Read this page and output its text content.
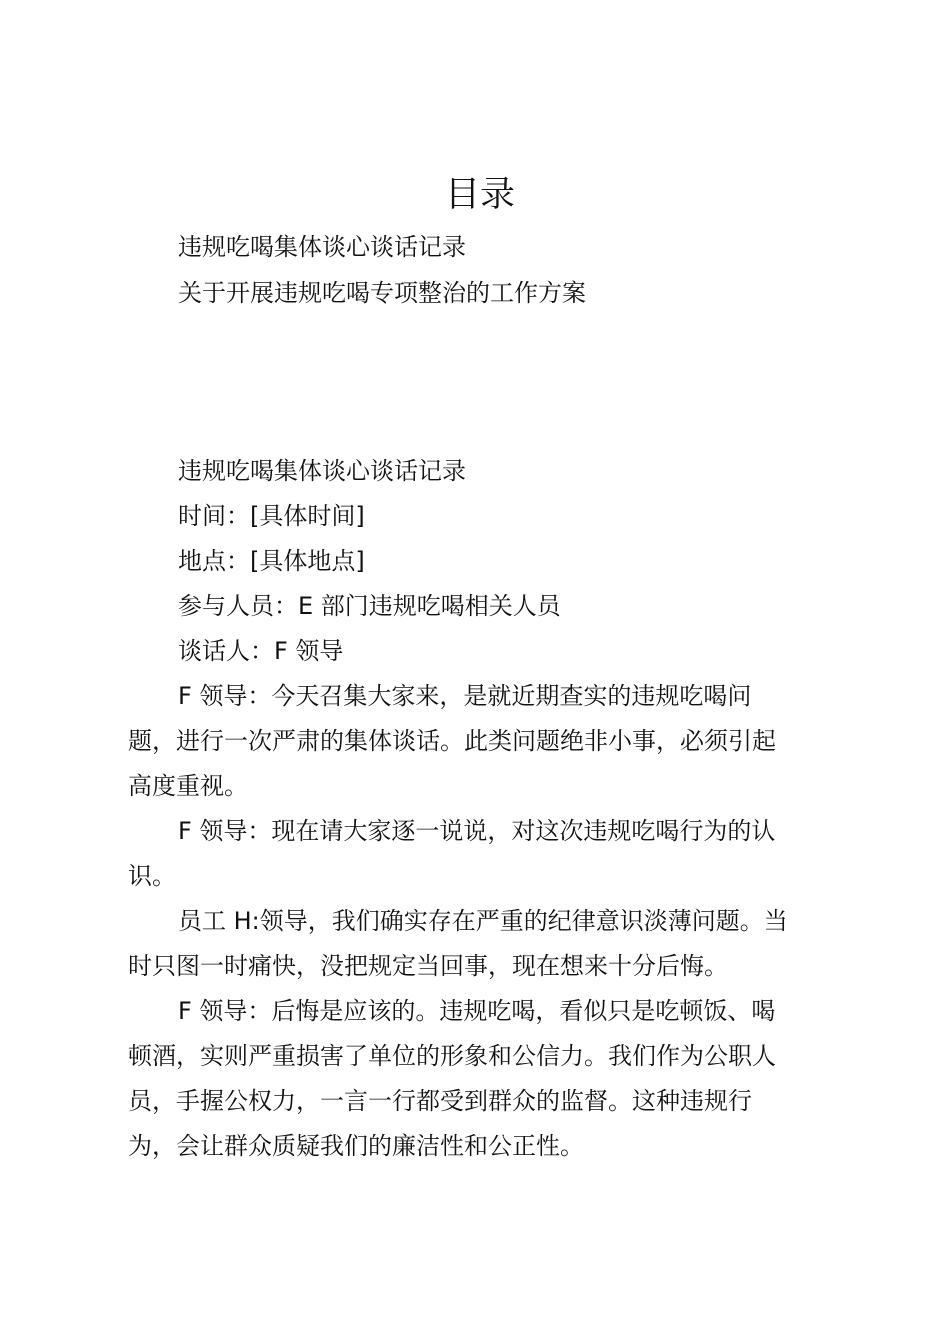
目录
违规吃喝集体谈心谈话记录
关于开展违规吃喝专项整治的工作方案

违规吃喝集体谈心谈话记录

时间：[具体时间]

地点：[具体地点]

参与人员：E 部门违规吃喝相关人员

谈话人：F 领导

F 领导：今天召集大家来，是就近期查实的违规吃喝问
题，进行一次严肃的集体谈话。此类问题绝非小事，必须引起
高度重视。

F 领导：现在请大家逐一说说，对这次违规吃喝行为的认
识。

员工 H:领导，我们确实存在严重的纪律意识淡薄问题。当
时只图一时痛快，没把规定当回事，现在想来十分后悔。

F 领导：后悔是应该的。违规吃喝，看似只是吃顿饭、喝
顿酒，实则严重损害了单位的形象和公信力。我们作为公职人
员，手握公权力，一言一行都受到群众的监督。这种违规行
为，会让群众质疑我们的廉洁性和公正性。
